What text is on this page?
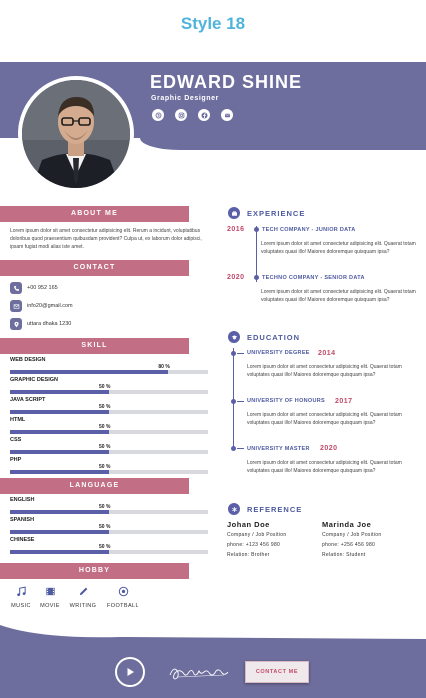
Style 18
EDWARD SHINE
Graphic Designer
ABOUT ME
Lorem ipsum dolor sit amet consectetur adipisicing elit. Rerum a incidunt, voluptatibus doloribus quod praesentium quibusdam provident? Culpa ut, ex laborum dolor adipisci, ipsam fugiat modi alias iste amet.
CONTACT
+00 952 165
info20@gmail.com
uttara dhaka 1230
SKILL
WEB DESIGN
80 %
GRAPHIC DESIGN
50 %
JAVA SCRIPT
50 %
HTML
50 %
CSS
50 %
PHP
50 %
LANGUAGE
ENGLISH
50 %
SPANISH
50 %
CHINESE
50 %
HOBBY
MUSIC	MOVIE	WRITING	FOOTBALL
EXPERIENCE
2016	TECH COMPANY - JUNIOR DATA
Lorem ipsum dolor sit amet consectetur adipisicing elit. Quaerat totam voluptates quasi illo! Maiores doloremque quisquam ipsa?
2020	TECHNO COMPANY - SENIOR DATA
Lorem ipsum dolor sit amet consectetur adipisicing elit. Quaerat totam voluptates quasi illo! Maiores doloremque quisquam ipsa?
EDUCATION
UNIVERSITY DEGREE 2014
Lorem ipsum dolor sit amet consectetur adipisicing elit. Quaerat totam voluptates quasi illo! Maiores doloremque quisquam ipsa?
UNIVERSITY OF HONOURS 2017
Lorem ipsum dolor sit amet consectetur adipisicing elit. Quaerat totam voluptates quasi illo! Maiores doloremque quisquam ipsa?
UNIVERSITY MASTER 2020
Lorem ipsum dolor sit amet consectetur adipisicing elit. Quaerat totam voluptates quasi illo! Maiores doloremque quisquam ipsa?
REFERENCE
Johan Doe
Company / Job Position
phone: +123 456 980
Relation: Brother
Marinda Joe
Company / Job Position
phone: +256 456 980
Relation: Student
CONTACT ME
